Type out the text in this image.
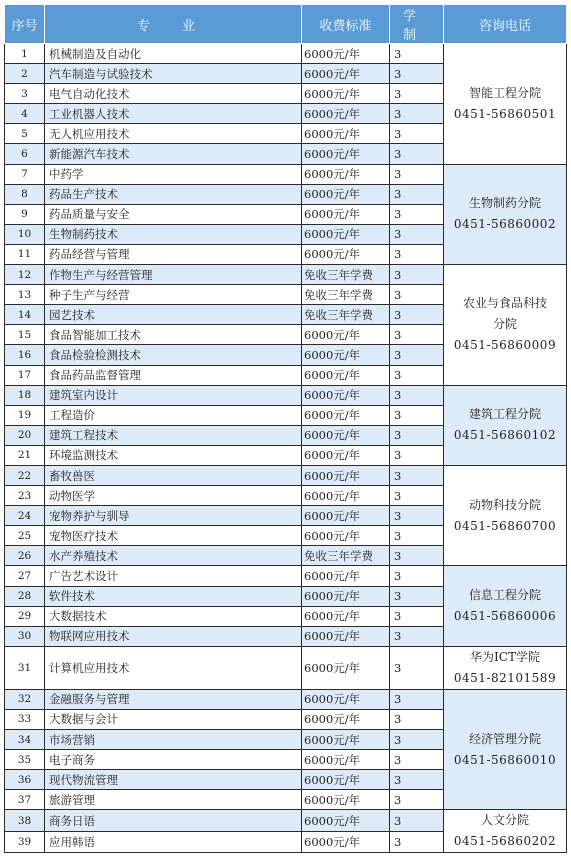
序号	专 业	收费标准	学 制	咨询电话
1	机械制造及自动化	6000元/年	3	智能工程分院
0451-56860501

2	汽车制造与试验技术	6000元/年	3	
3	电气自动化技术	6000元/年	3	
4	工业机器人技术	6000元/年	3	
5	无人机应用技术	6000元/年	3	
6	新能源汽车技术	6000元/年	3	
7	中药学	6000元/年	3	生物制药分院
0451-56860002

8	药品生产技术	6000元/年	3	
9	药品质量与安全	6000元/年	3	
10	生物制药技术	6000元/年	3	
11	药品经营与管理	6000元/年	3	
12	作物生产与经营管理	免收三年学费	3	农业与食品科技
分院
0451-56860009

13	种子生产与经营	免收三年学费	3	
14	园艺技术	免收三年学费	3	
15	食品智能加工技术	6000元/年	3	
16	食品检验检测技术	6000元/年	3	
17	食品药品监督管理	6000元/年	3	
18	建筑室内设计	6000元/年	3	建筑工程分院
0451-56860102

19	工程造价	6000元/年	3	
20	建筑工程技术	6000元/年	3	
21	环境监测技术	6000元/年	3	
22	畜牧兽医	6000元/年	3	动物科技分院
0451-56860700

23	动物医学	6000元/年	3	
24	宠物养护与驯导	6000元/年	3	
25	宠物医疗技术	6000元/年	3	
26	水产养殖技术	免收三年学费	3	
27	广告艺术设计	6000元/年	3	信息工程分院
0451-56860006

28	软件技术	6000元/年	3	
29	大数据技术	6000元/年	3	
30	物联网应用技术	6000元/年	3	
31	计算机应用技术	6000元/年	3	华为ICT学院
0451-82101589

32	金融服务与管理	6000元/年	3	经济管理分院
0451-56860010

33	大数据与会计	6000元/年	3	
34	市场营销	6000元/年	3	
35	电子商务	6000元/年	3	
36	现代物流管理	6000元/年	3	
37	旅游管理	6000元/年	3	
38	商务日语	6000元/年	3	人文分院
0451-56860202

39	应用韩语	6000元/年	3	
